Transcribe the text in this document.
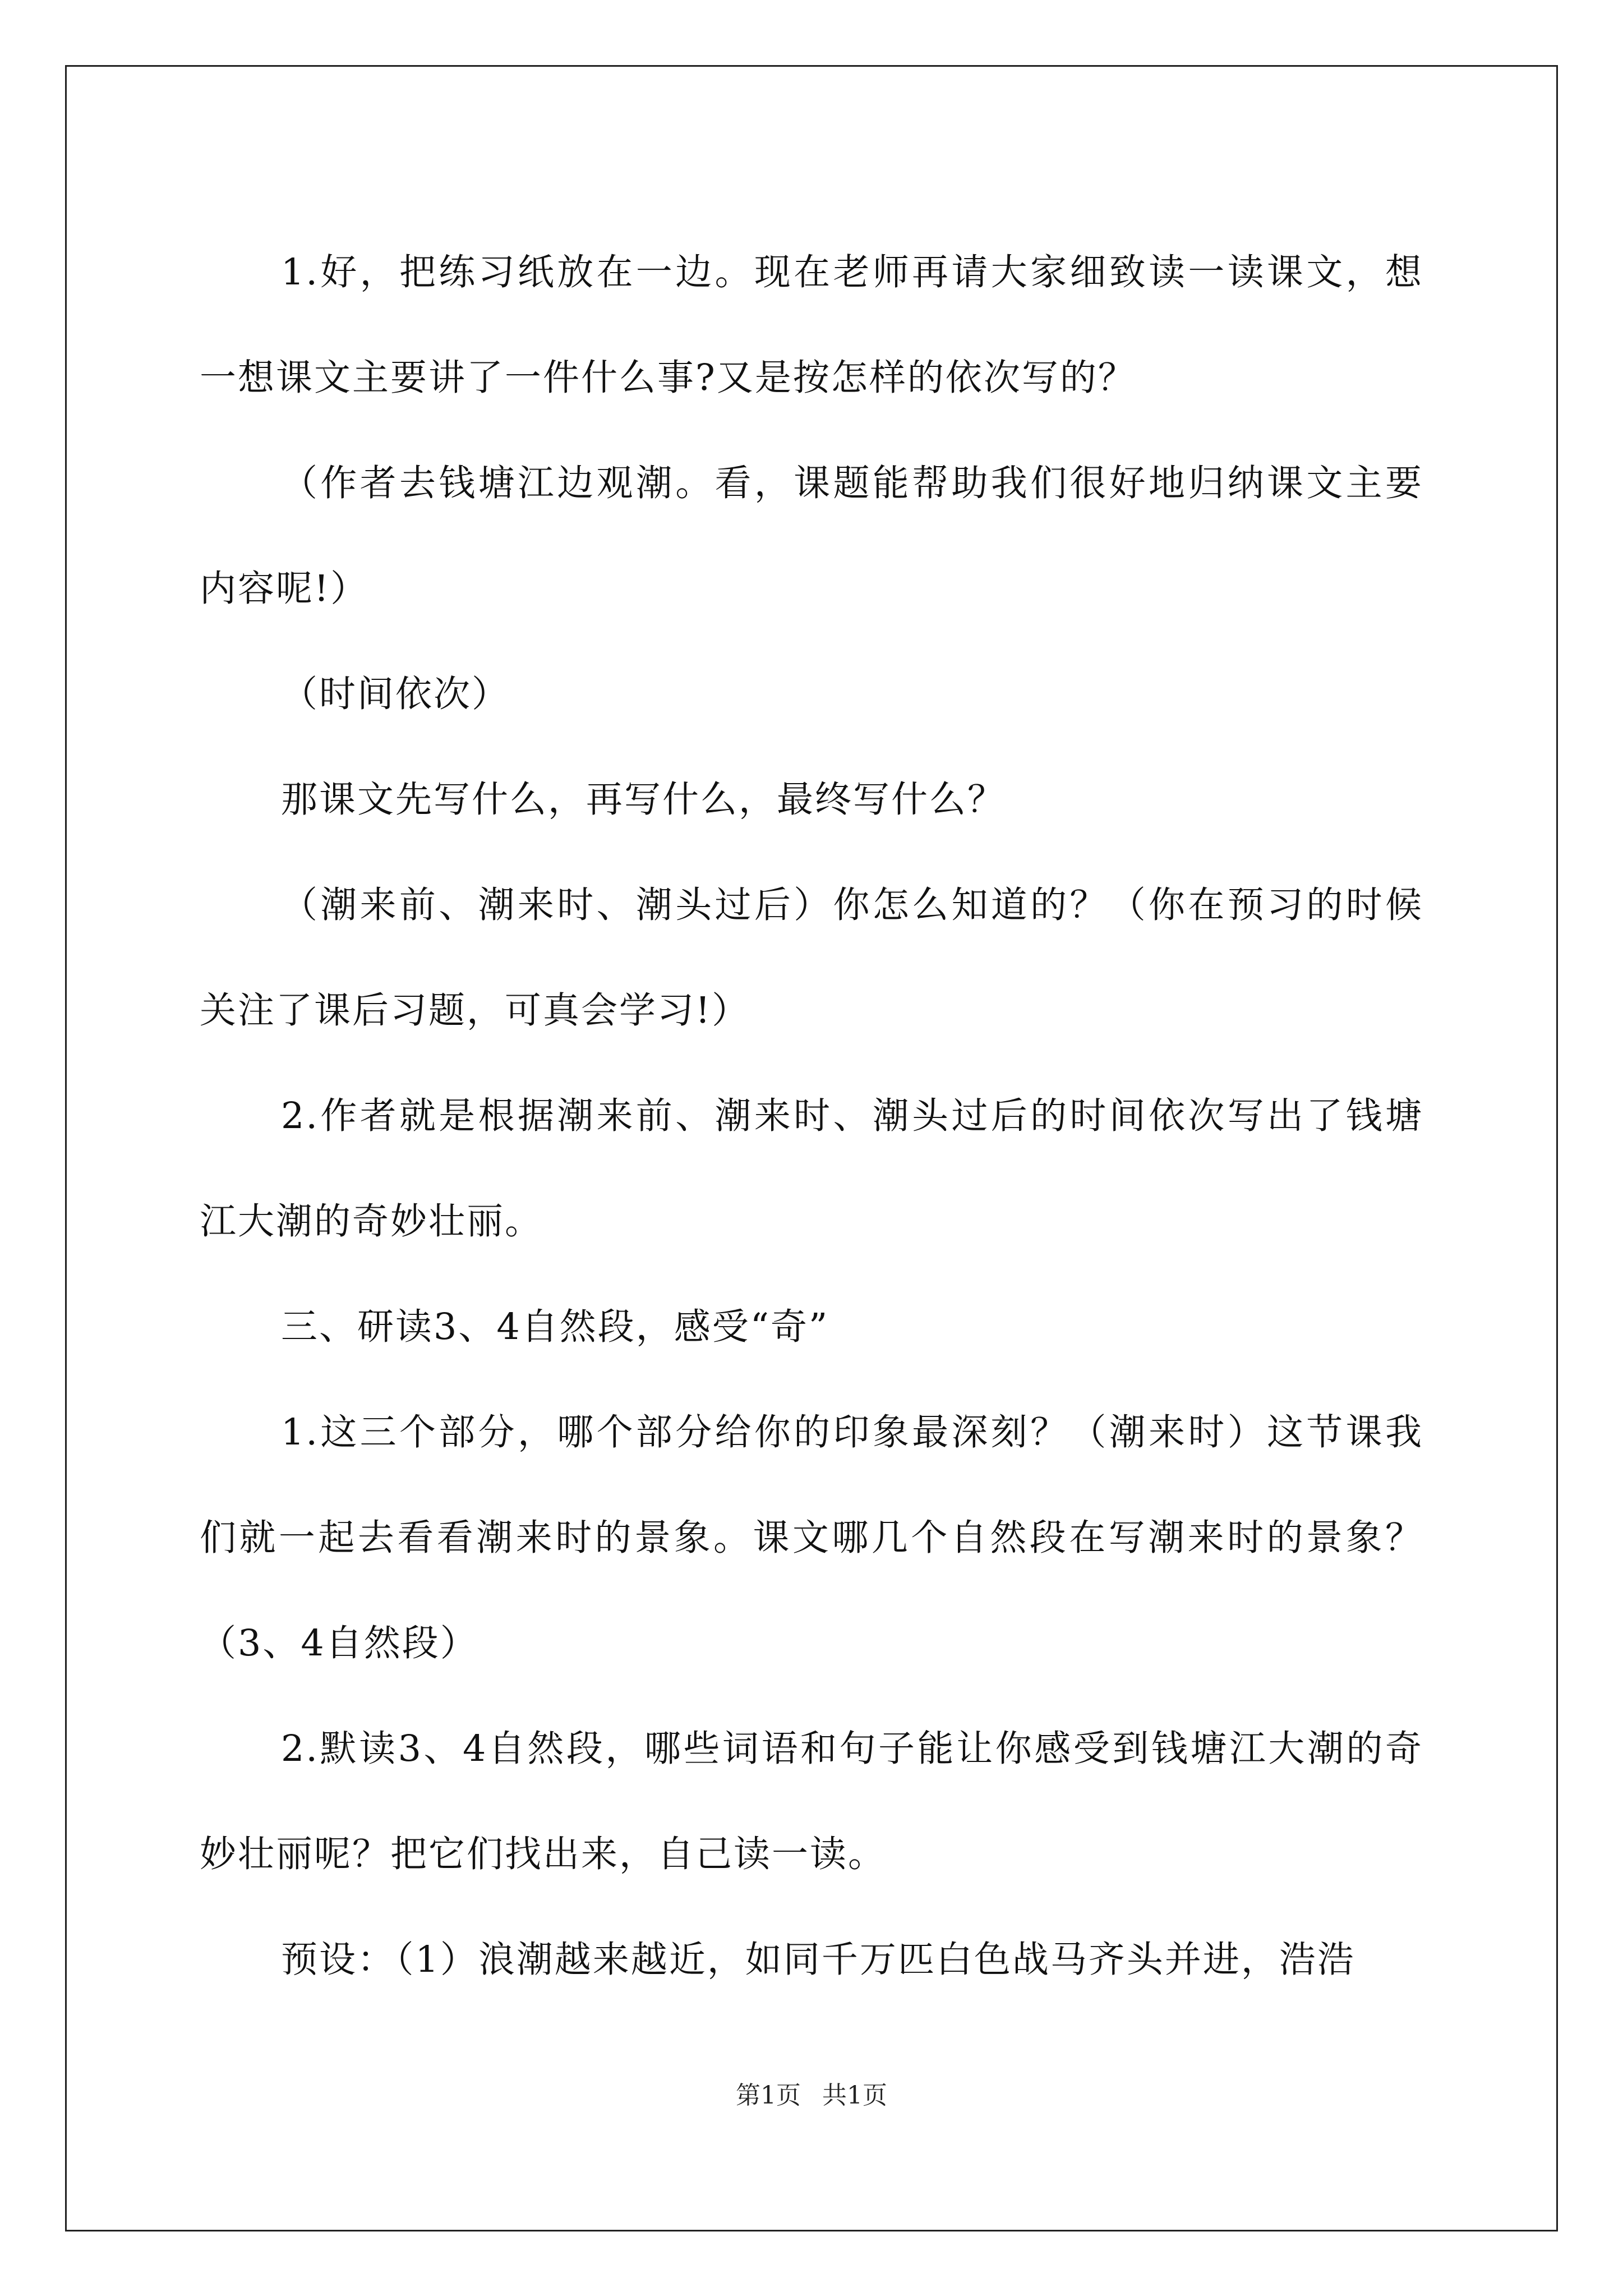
1.好，把练习纸放在一边。现在老师再请大家细致读一读课文，想一想课文主要讲了一件什么事?又是按怎样的依次写的？

（作者去钱塘江边观潮。看，课题能帮助我们很好地归纳课文主要内容呢!）

（时间依次）

那课文先写什么，再写什么，最终写什么？

（潮来前、潮来时、潮头过后）你怎么知道的？（你在预习的时候关注了课后习题，可真会学习!）

2.作者就是根据潮来前、潮来时、潮头过后的时间依次写出了钱塘江大潮的奇妙壮丽。

三、研读3、4自然段，感受“奇”

1.这三个部分，哪个部分给你的印象最深刻？（潮来时）这节课我们就一起去看看潮来时的景象。课文哪几个自然段在写潮来时的景象？（3、4自然段）

2.默读3、4自然段，哪些词语和句子能让你感受到钱塘江大潮的奇妙壮丽呢？把它们找出来，自己读一读。

预设：（1）浪潮越来越近，如同千万匹白色战马齐头并进，浩浩

第1页 共1页
